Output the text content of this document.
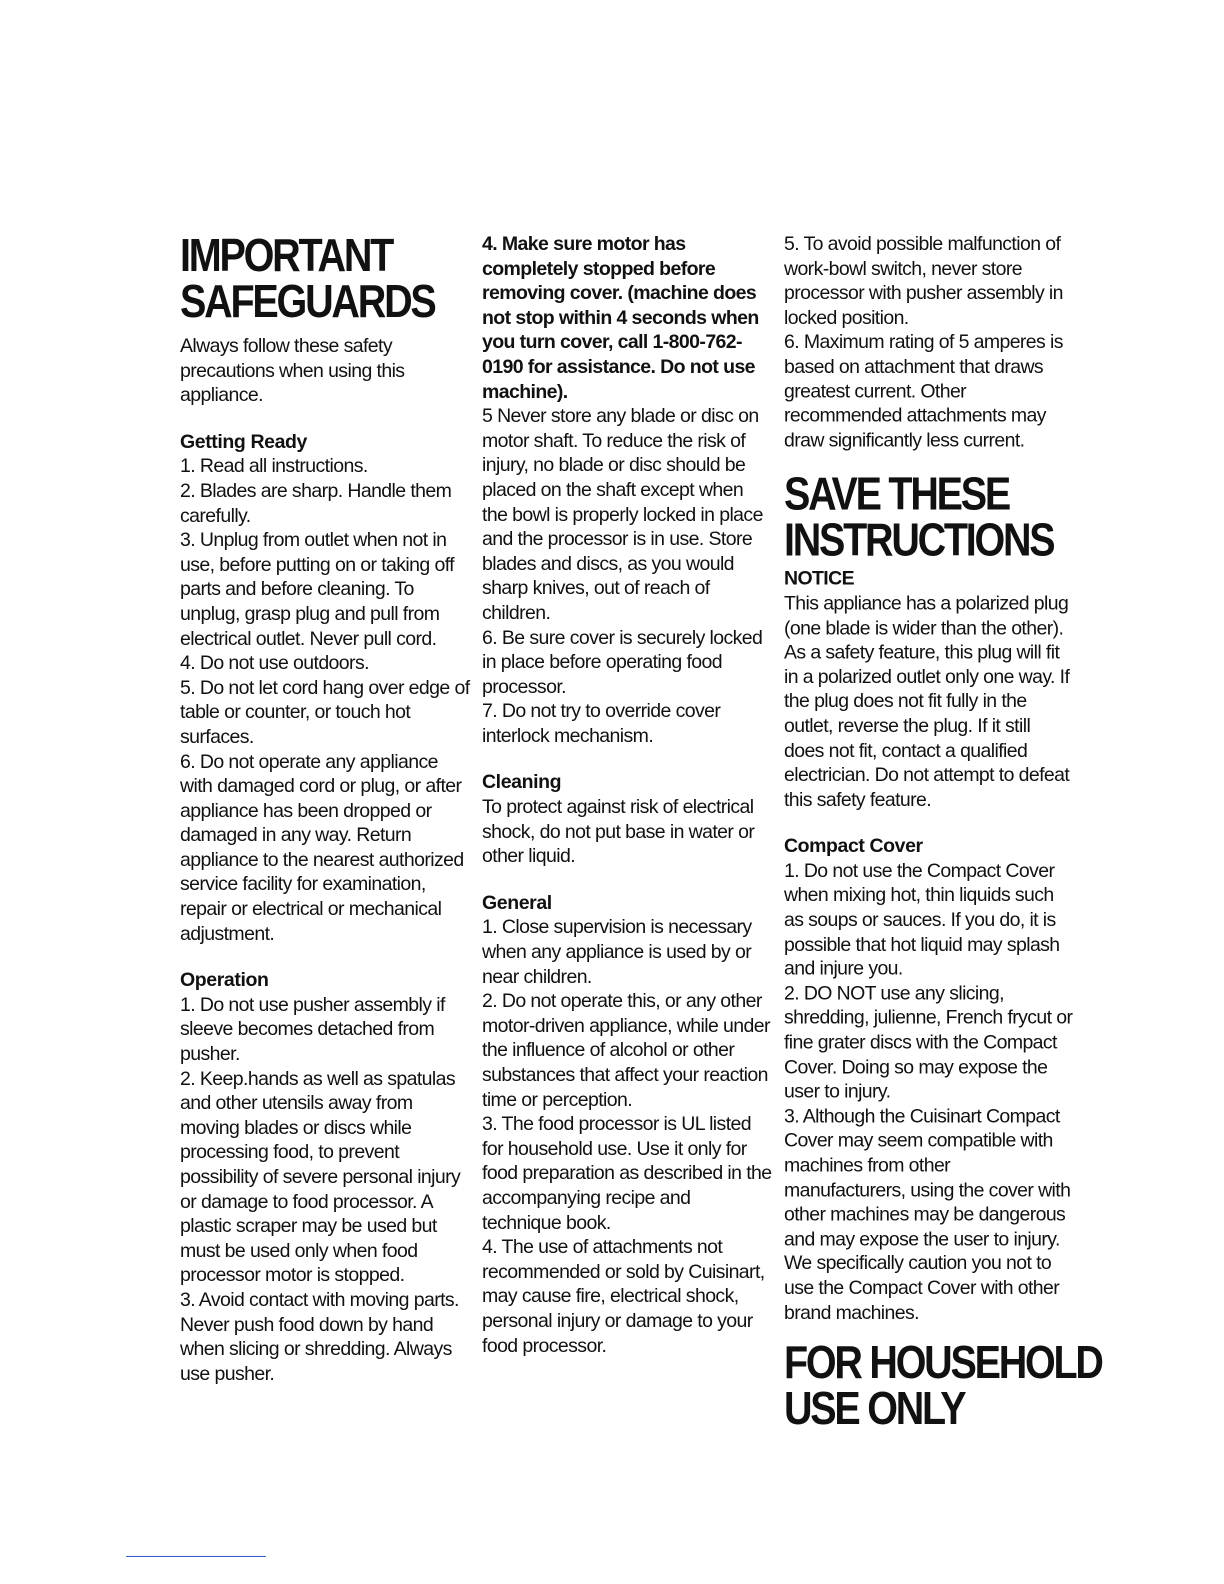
IMPORTANT
SAFEGUARDS
Always follow these safety precautions when using this appliance.
Getting Ready
1. Read all instructions.
2. Blades are sharp. Handle them carefully.
3. Unplug from outlet when not in use, before putting on or taking off parts and before cleaning. To unplug, grasp plug and pull from electrical outlet. Never pull cord.
4. Do not use outdoors.
5. Do not let cord hang over edge of table or counter, or touch hot surfaces.
6. Do not operate any appliance with damaged cord or plug, or after appliance has been dropped or damaged in any way. Return appliance to the nearest authorized service facility for examination, repair or electrical or mechanical adjustment.
Operation
1. Do not use pusher assembly if sleeve becomes detached from pusher.
2. Keep.hands as well as spatulas and other utensils away from moving blades or discs while processing food, to prevent possibility of severe personal injury or damage to food processor. A plastic scraper may be used but must be used only when food processor motor is stopped.
3. Avoid contact with moving parts. Never push food down by hand when slicing or shredding. Always use pusher.
4. Make sure motor has completely stopped before removing cover. (machine does not stop within 4 seconds when you turn cover, call 1-800-762-0190 for assistance. Do not use machine).
5 Never store any blade or disc on motor shaft. To reduce the risk of injury, no blade or disc should be placed on the shaft except when the bowl is properly locked in place and the processor is in use. Store blades and discs, as you would sharp knives, out of reach of children.
6. Be sure cover is securely locked in place before operating food processor.
7. Do not try to override cover interlock mechanism.
Cleaning
To protect against risk of electrical shock, do not put base in water or other liquid.
General
1. Close supervision is necessary when any appliance is used by or near children.
2. Do not operate this, or any other motor-driven appliance, while under the influence of alcohol or other substances that affect your reaction time or perception.
3. The food processor is UL listed for household use. Use it only for food preparation as described in the accompanying recipe and technique book.
4. The use of attachments not recommended or sold by Cuisinart, may cause fire, electrical shock, personal injury or damage to your food processor.
5. To avoid possible malfunction of work-bowl switch, never store processor with pusher assembly in locked position.
6. Maximum rating of 5 amperes is based on attachment that draws greatest current. Other recommended attachments may draw significantly less current.
SAVE THESE
INSTRUCTIONS
NOTICE
This appliance has a polarized plug (one blade is wider than the other). As a safety feature, this plug will fit in a polarized outlet only one way. If the plug does not fit fully in the outlet, reverse the plug. If it still does not fit, contact a qualified electrician. Do not attempt to defeat this safety feature.
Compact Cover
1. Do not use the Compact Cover when mixing hot, thin liquids such as soups or sauces. If you do, it is possible that hot liquid may splash and injure you.
2. DO NOT use any slicing, shredding, julienne, French frycut or fine grater discs with the Compact Cover. Doing so may expose the user to injury.
3. Although the Cuisinart Compact Cover may seem compatible with machines from other manufacturers, using the cover with other machines may be dangerous and may expose the user to injury. We specifically caution you not to use the Compact Cover with other brand machines.
FOR HOUSEHOLD
USE ONLY
